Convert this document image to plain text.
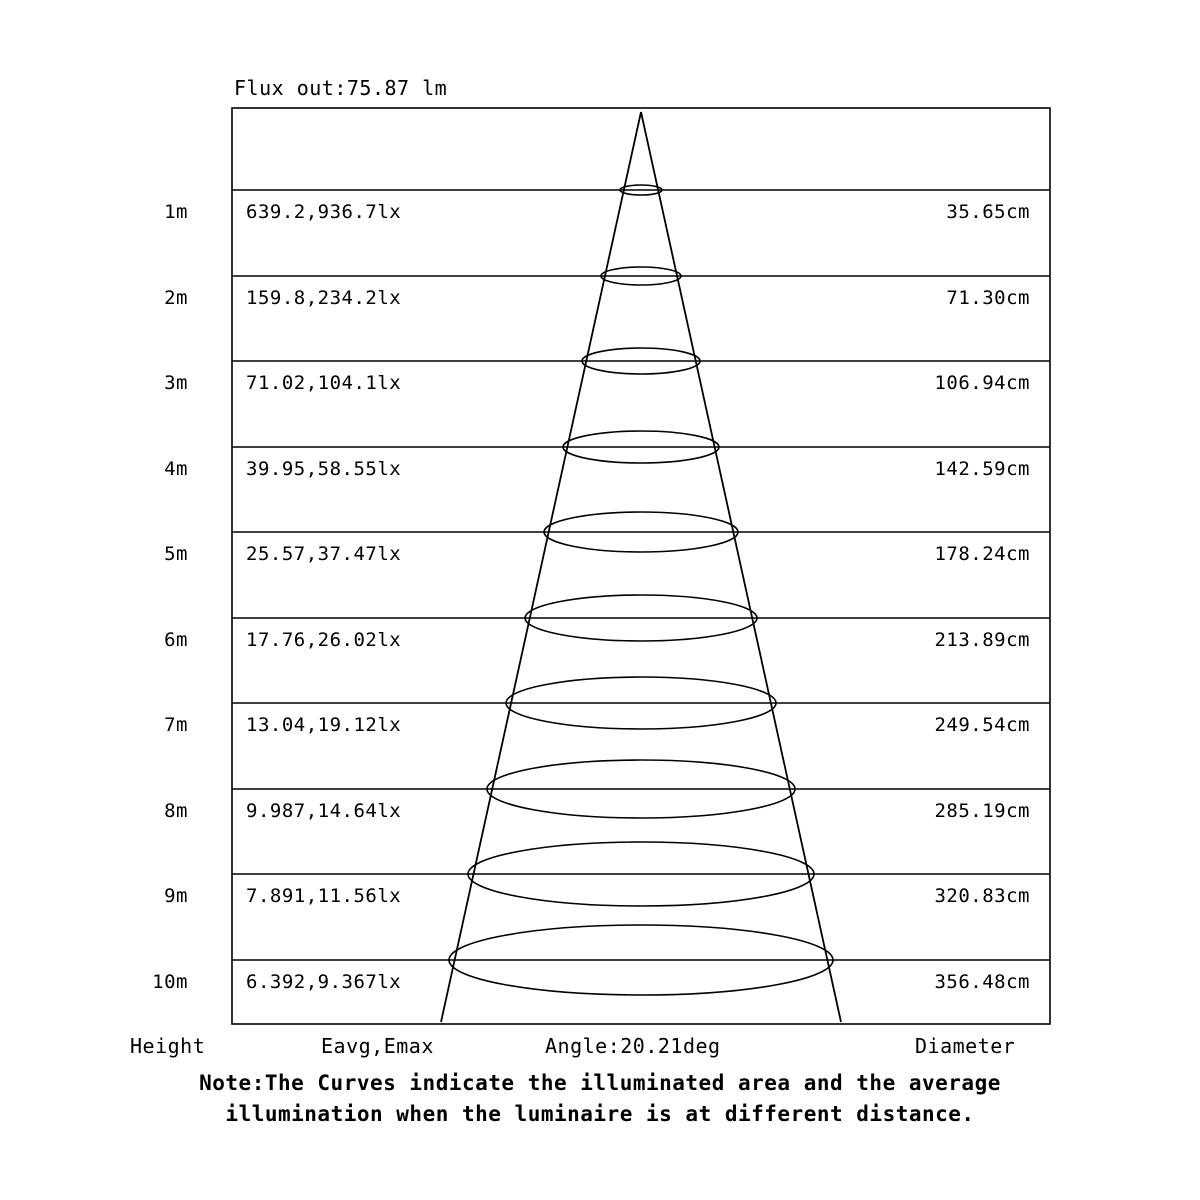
Flux out:75.87 lm
1m	639.2,936.7lx	35.65cm
2m	159.8,234.2lx	71.30cm
3m	71.02,104.1lx	106.94cm
4m	39.95,58.55lx	142.59cm
5m	25.57,37.47lx	178.24cm
6m	17.76,26.02lx	213.89cm
7m	13.04,19.12lx	249.54cm
8m	9.987,14.64lx	285.19cm
9m	7.891,11.56lx	320.83cm
10m	6.392,9.367lx	356.48cm
Height	Eavg,Emax	Angle:20.21deg	Diameter
Note:The Curves indicate the illuminated area and the average
illumination when the luminaire is at different distance.
